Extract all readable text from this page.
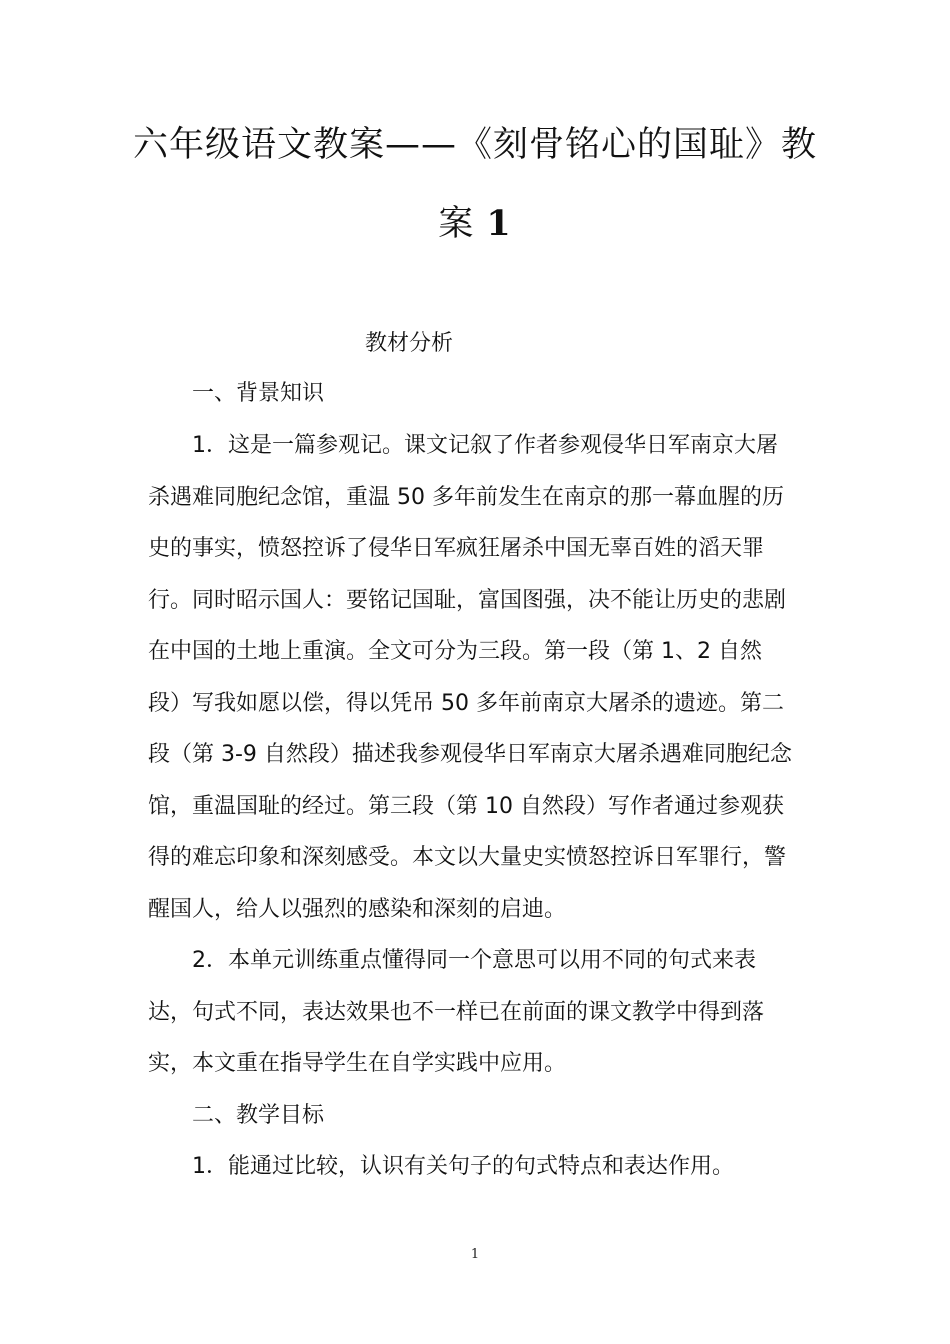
六年级语文教案——《刻骨铭心的国耻》教
案 1
教材分析
一、背景知识
1．这是一篇参观记。课文记叙了作者参观侵华日军南京大屠
杀遇难同胞纪念馆，重温 50 多年前发生在南京的那一幕血腥的历
史的事实，愤怒控诉了侵华日军疯狂屠杀中国无辜百姓的滔天罪
行。同时昭示国人：要铭记国耻，富国图强，决不能让历史的悲剧
在中国的土地上重演。全文可分为三段。第一段（第 1、2 自然
段）写我如愿以偿，得以凭吊 50 多年前南京大屠杀的遗迹。第二
段（第 3-9 自然段）描述我参观侵华日军南京大屠杀遇难同胞纪念
馆，重温国耻的经过。第三段（第 10 自然段）写作者通过参观获
得的难忘印象和深刻感受。本文以大量史实愤怒控诉日军罪行，警
醒国人，给人以强烈的感染和深刻的启迪。
2．本单元训练重点懂得同一个意思可以用不同的句式来表
达，句式不同，表达效果也不一样已在前面的课文教学中得到落
实，本文重在指导学生在自学实践中应用。
二、教学目标
1．能通过比较，认识有关句子的句式特点和表达作用。
1
